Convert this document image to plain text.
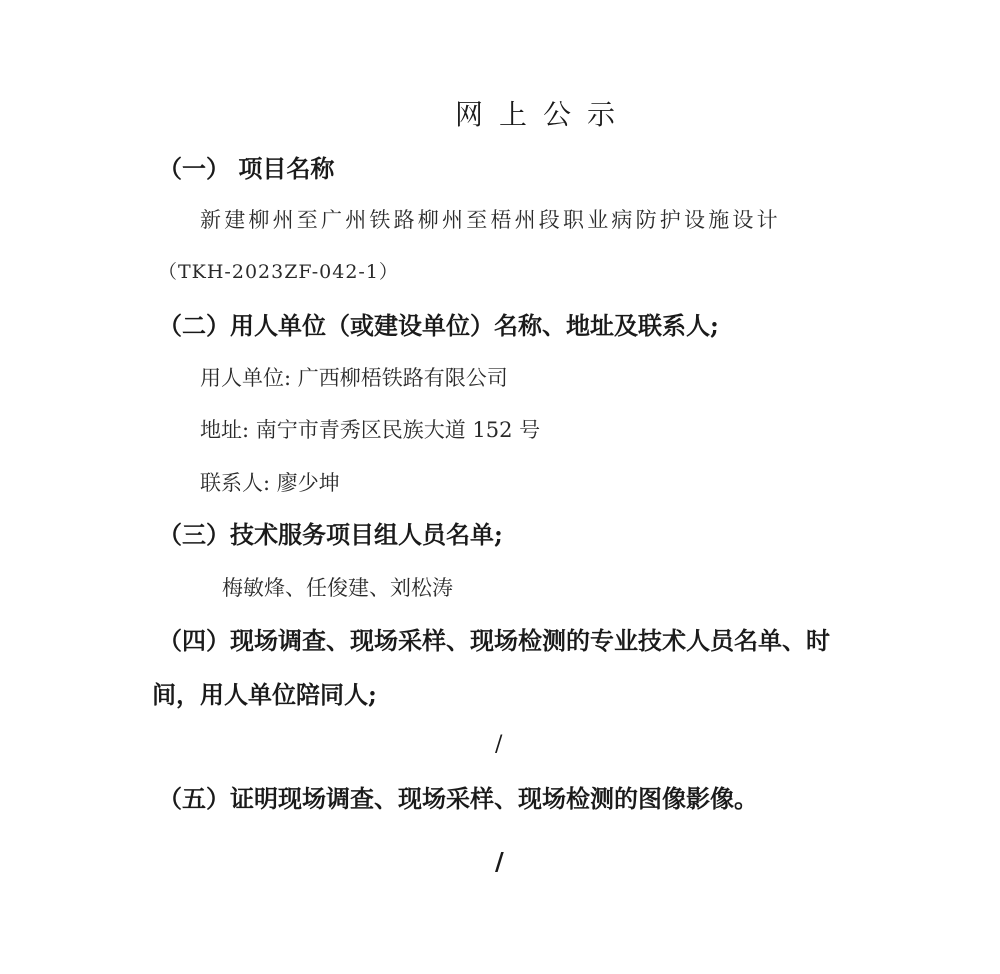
网上公示
（一） 项目名称
新建柳州至广州铁路柳州至梧州段职业病防护设施设计
（TKH-2023ZF-042-1）
（二）用人单位（或建设单位）名称、地址及联系人;
用人单位: 广西柳梧铁路有限公司
地址: 南宁市青秀区民族大道 152 号
联系人: 廖少坤
（三）技术服务项目组人员名单;
梅敏烽、任俊建、刘松涛
（四）现场调查、现场采样、现场检测的专业技术人员名单、时
间，用人单位陪同人;
/
（五）证明现场调查、现场采样、现场检测的图像影像。
/
